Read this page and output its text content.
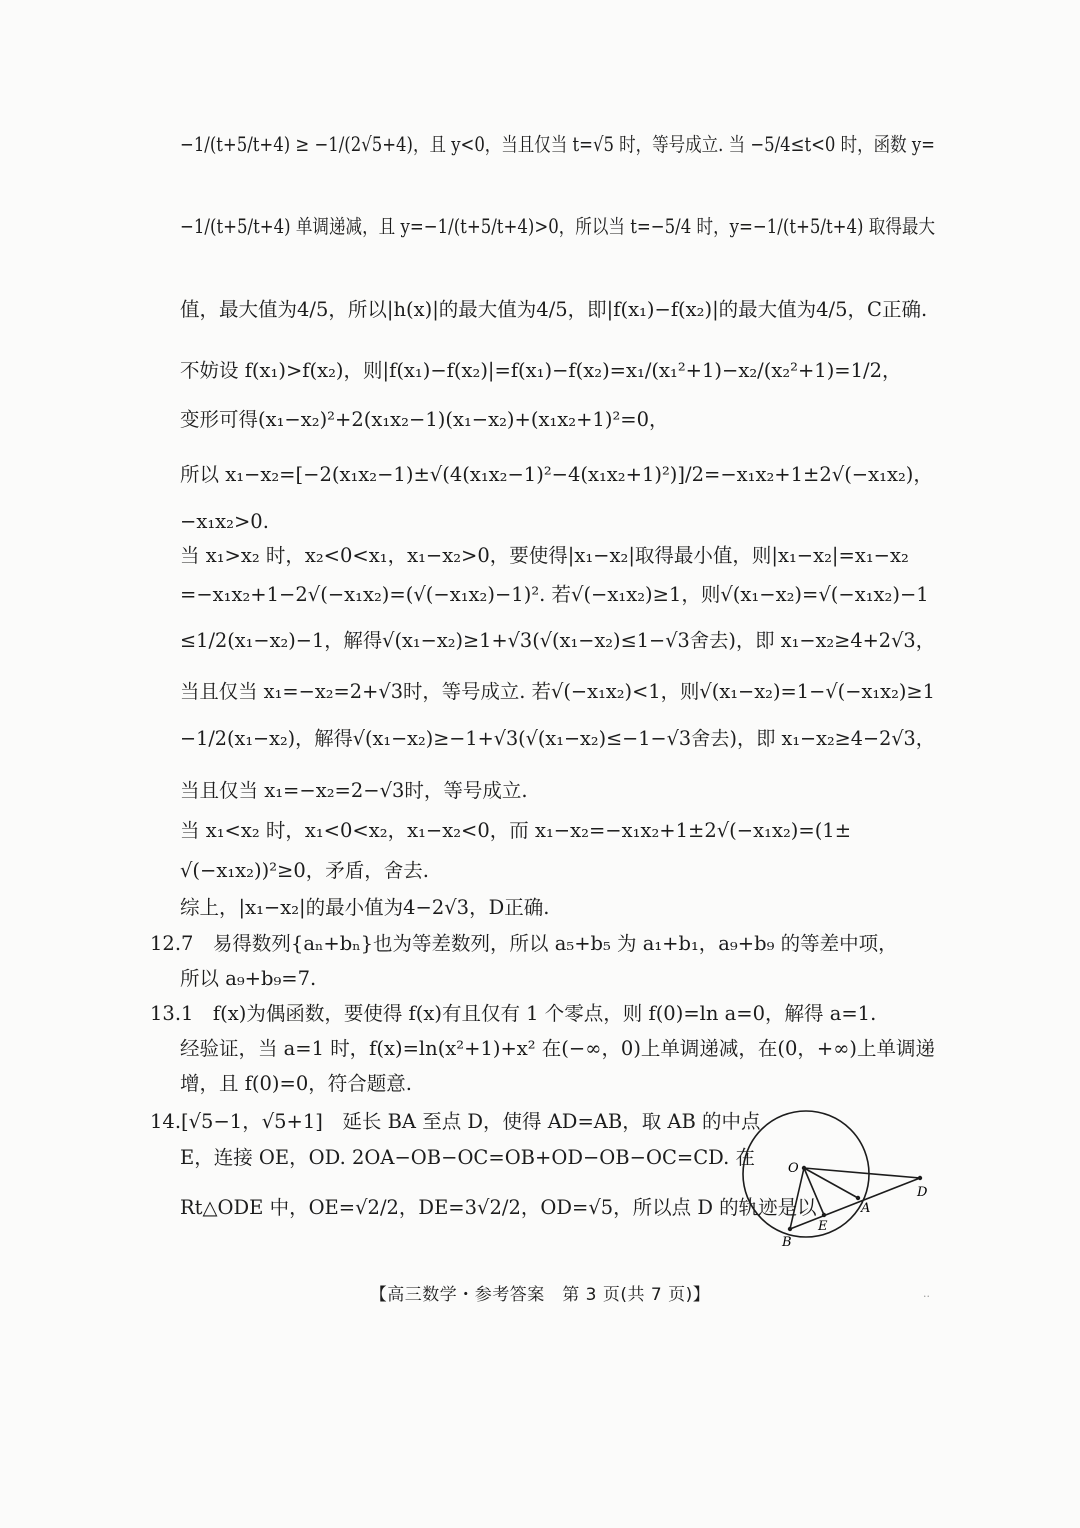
−1/(t+5/t+4) ≥ −1/(2√5+4)，且 y<0，当且仅当 t=√5 时，等号成立. 当 −5/4≤t<0 时，函数 y=
−1/(t+5/t+4) 单调递减，且 y=−1/(t+5/t+4)>0，所以当 t=−5/4 时，y=−1/(t+5/t+4) 取得最大
值，最大值为4/5，所以|h(x)|的最大值为4/5，即|f(x₁)−f(x₂)|的最大值为4/5，C正确.
不妨设 f(x₁)>f(x₂)，则|f(x₁)−f(x₂)|=f(x₁)−f(x₂)=x₁/(x₁²+1)−x₂/(x₂²+1)=1/2，
变形可得(x₁−x₂)²+2(x₁x₂−1)(x₁−x₂)+(x₁x₂+1)²=0，
所以 x₁−x₂=[−2(x₁x₂−1)±√(4(x₁x₂−1)²−4(x₁x₂+1)²)]/2=−x₁x₂+1±2√(−x₁x₂)，
−x₁x₂>0.
当 x₁>x₂ 时，x₂<0<x₁，x₁−x₂>0，要使得|x₁−x₂|取得最小值，则|x₁−x₂|=x₁−x₂
=−x₁x₂+1−2√(−x₁x₂)=(√(−x₁x₂)−1)². 若√(−x₁x₂)≥1，则√(x₁−x₂)=√(−x₁x₂)−1
≤1/2(x₁−x₂)−1，解得√(x₁−x₂)≥1+√3(√(x₁−x₂)≤1−√3舍去)，即 x₁−x₂≥4+2√3，
当且仅当 x₁=−x₂=2+√3时，等号成立. 若√(−x₁x₂)<1，则√(x₁−x₂)=1−√(−x₁x₂)≥1
−1/2(x₁−x₂)，解得√(x₁−x₂)≥−1+√3(√(x₁−x₂)≤−1−√3舍去)，即 x₁−x₂≥4−2√3，
当且仅当 x₁=−x₂=2−√3时，等号成立.
当 x₁<x₂ 时，x₁<0<x₂，x₁−x₂<0，而 x₁−x₂=−x₁x₂+1±2√(−x₁x₂)=(1±
√(−x₁x₂))²≥0，矛盾，舍去.
综上，|x₁−x₂|的最小值为4−2√3，D正确.
12.7　易得数列{aₙ+bₙ}也为等差数列，所以 a₅+b₅ 为 a₁+b₁，a₉+b₉ 的等差中项，
所以 a₉+b₉=7.
13.1　f(x)为偶函数，要使得 f(x)有且仅有 1 个零点，则 f(0)=ln a=0，解得 a=1.
经验证，当 a=1 时，f(x)=ln(x²+1)+x² 在(−∞，0)上单调递减，在(0，+∞)上单调递
增，且 f(0)=0，符合题意.
14.[√5−1，√5+1]　延长 BA 至点 D，使得 AD=AB，取 AB 的中点
E，连接 OE，OD. 2OA−OB−OC=OB+OD−OB−OC=CD. 在
Rt△ODE 中，OE=√2/2，DE=3√2/2，OD=√5，所以点 D 的轨迹是以
O
D
A
E
B
【高三数学・参考答案　第 3 页(共 7 页)】	··
